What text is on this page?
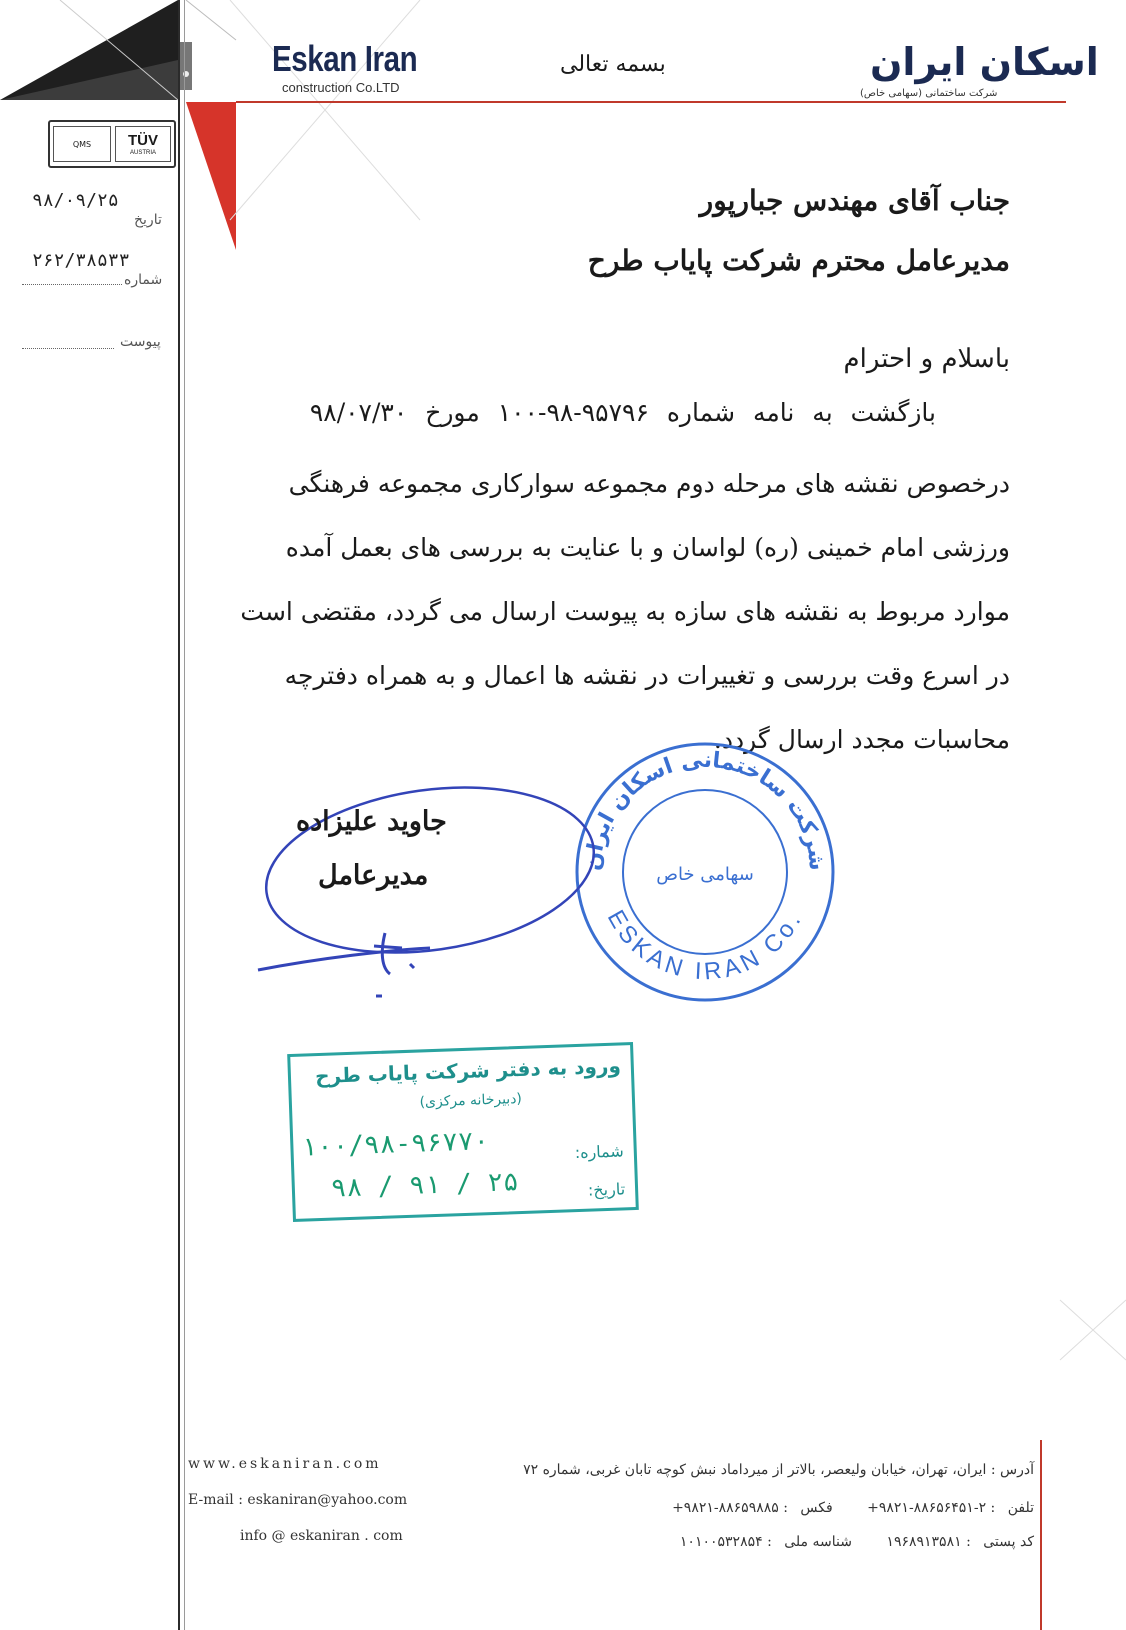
QMS	TÜV
AUSTRIA
۹۸/۰۹/۲۵
تاریخ
۲۶۲/۳۸۵۳۳
شماره
پیوست
Eskan Iran
construction Co.LTD
بسمه تعالی	اسکان ایران
شرکت ساختمانی (سهامی خاص)
جناب آقای مهندس جبارپور
مدیرعامل محترم شرکت پایاب طرح
باسلام و احترام
بازگشت به نامه شماره ۹۵۷۹۶-۹۸-۱۰۰ مورخ ۹۸/۰۷/۳۰
درخصوص نقشه های مرحله دوم مجموعه سوارکاری مجموعه فرهنگی
ورزشی امام خمینی (ره) لواسان و با عنایت به بررسی های بعمل آمده
موارد مربوط به نقشه های سازه به پیوست ارسال می گردد، مقتضی است
در اسرع وقت بررسی و تغییرات در نقشه ها اعمال و به همراه دفترچه
محاسبات مجدد ارسال گردد.
شرکت ساختمانی اسکان ایران
سهامی خاص
ESKAN IRAN Co.
جاوید علیزاده
مدیرعامل
ورود به دفتر شرکت پایاب طرح
(دبیرخانه مرکزی)
شماره:
۱۰۰/۹۸-۹۶۷۷۰
تاریخ:
۹۸ / ۹۱ / ۲۵
www.eskaniran.com
E-mail : eskaniran@yahoo.com
info @ eskaniran . com
آدرس : ایران، تهران، خیابان ولیعصر، بالاتر از میرداماد نبش کوچه تابان غربی، شماره ۷۲
تلفن : ۲-۸۸۶۵۶۴۵۱-۹۸۲۱+ فکس : ۸۸۶۵۹۸۸۵-۹۸۲۱+
کد پستی : ۱۹۶۸۹۱۳۵۸۱ شناسه ملی : ۱۰۱۰۰۵۳۲۸۵۴
